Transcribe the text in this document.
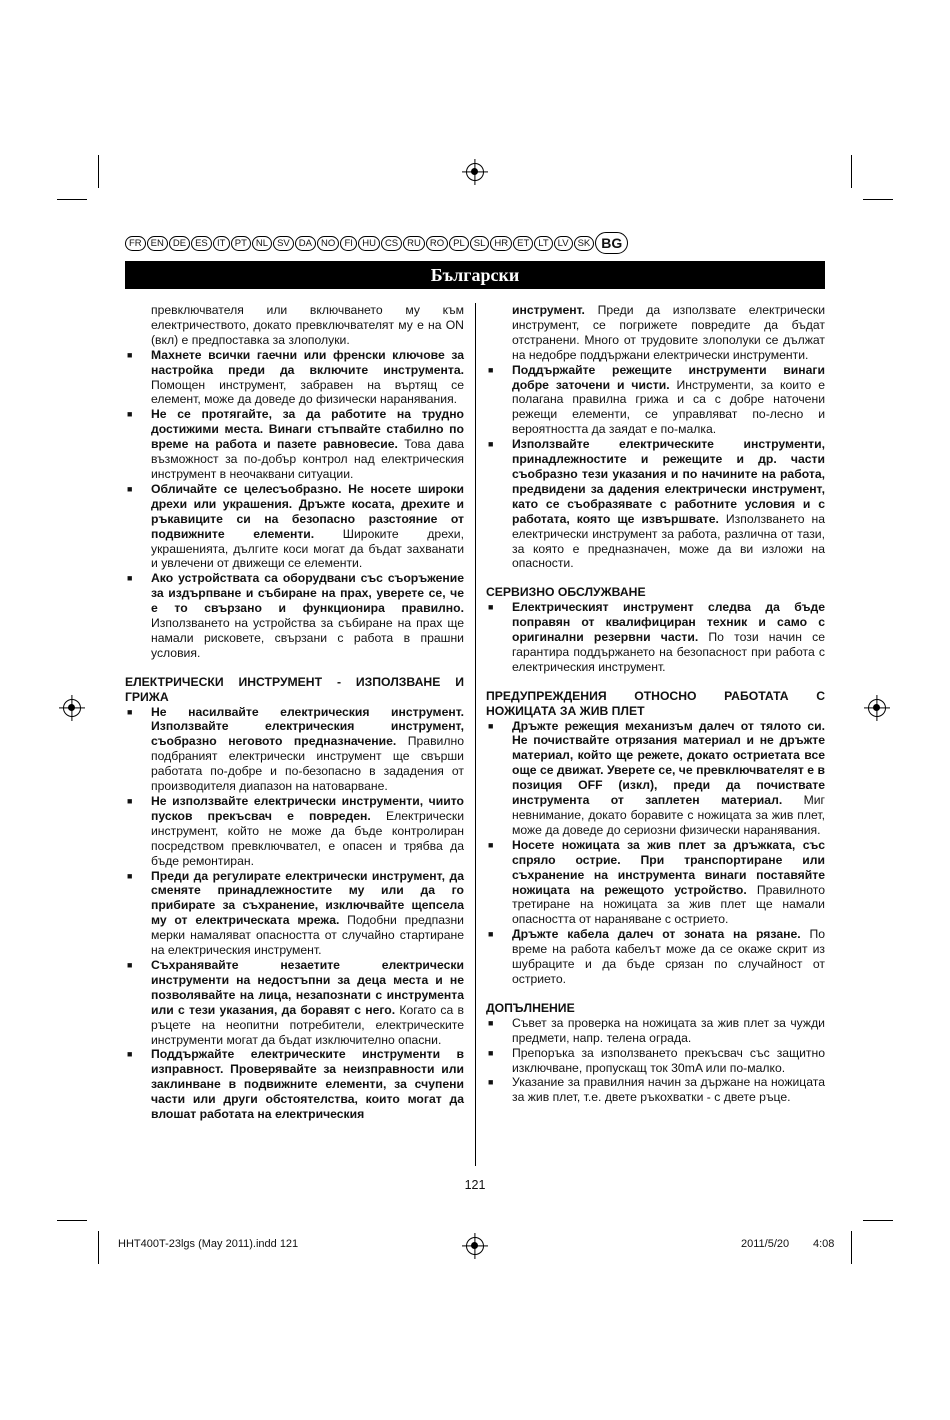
FR EN DE ES IT PT NL SV DA NO FI HU CS RU RO PL SL HR ET LT LV SK BG
Български

превключвателя или включването му към електричеството, докато превключвателят му е на ON (вкл) е предпоставка за злополуки.

■ Махнете всички гаечни или френски ключове за настройка преди да включите инструмента. Помощен инструмент, забравен на въртящ се елемент, може да доведе до физически наранявания.

■ Не се протягайте, за да работите на трудно достижими места. Винаги стъпвайте стабилно по време на работа и пазете равновесие. Това дава възможност за по-добър контрол над електрическия инструмент в неочаквани ситуации.

■ Обличайте се целесъобразно. Не носете широки дрехи или украшения. Дръжте косата, дрехите и ръкавиците си на безопасно разстояние от подвижните елементи. Широките дрехи, украшенията, дългите коси могат да бъдат захванати и увлечени от движещи се елементи.

■ Ако устройствата са оборудвани със съоръжение за издърпване и събиране на прах, уверете се, че е то свързано и функционира правилно. Използването на устройства за събиране на прах ще намали рисковете, свързани с работа в прашни условия.

ЕЛЕКТРИЧЕСКИ ИНСТРУМЕНТ - ИЗПОЛЗВАНЕ И ГРИЖА

■ Не насилвайте електрическия инструмент. Използвайте електрическия инструмент, съобразно неговото предназначение. Правилно подбраният електрически инструмент ще свърши работата по-добре и по-безопасно в зададения от производителя диапазон на натоварване.

■ Не използвайте електрически инструменти, чиито пусков прекъсвач е повреден. Електрически инструмент, който не може да бъде контролиран посредством превключвател, е опасен и трябва да бъде ремонтиран.

■ Преди да регулирате електрически инструмент, да сменяте принадлежностите му или да го прибирате за съхранение, изключвайте щепсела му от електрическата мрежа. Подобни предпазни мерки намаляват опасността от случайно стартиране на електрическия инструмент.

■ Съхранявайте незаетите електрически инструменти на недостъпни за деца места и не позволявайте на лица, незапознати с инструмента или с тези указания, да боравят с него. Когато са в ръцете на неопитни потребители, електрическите инструменти могат да бъдат изключително опасни.

■ Поддържайте електрическите инструменти в изправност. Проверявайте за неизправности или заклинване в подвижните елементи, за счупени части или други обстоятелства, които могат да влошат работата на електрическия

инструмент. Преди да използвате електрически инструмент, се погрижете повредите да бъдат отстранени. Много от трудовите злополуки се дължат на недобре поддържани електрически инструменти.

■ Поддържайте режещите инструменти винаги добре заточени и чисти. Инструменти, за които е полагана правилна грижа и са с добре наточени режещи елементи, се управляват по-лесно и вероятността да заядат е по-малка.

■ Използвайте електрическите инструменти, принадлежностите и режещите и др. части съобразно тези указания и по начините на работа, предвидени за дадения електрически инструмент, като се съобразявате с работните условия и с работата, която ще извършвате. Използването на електрически инструмент за работа, различна от тази, за която е предназначен, може да ви изложи на опасности.

СЕРВИЗНО ОБСЛУЖВАНЕ

■ Електрическият инструмент следва да бъде поправян от квалифициран техник и само с оригинални резервни части. По този начин се гарантира поддържането на безопасност при работа с електрическия инструмент.

ПРЕДУПРЕЖДЕНИЯ ОТНОСНО РАБОТАТА С НОЖИЦАТА ЗА ЖИВ ПЛЕТ

■ Дръжте режещия механизъм далеч от тялото си. Не почиствайте отрязания материал и не дръжте материал, който ще режете, докато остриетата все още се движат. Уверете се, че превключвателят е в позиция OFF (изкл), преди да почиствате инструмента от заплетен материал. Миг невнимание, докато боравите с ножицата за жив плет, може да доведе до сериозни физически наранявания.

■ Носете ножицата за жив плет за дръжката, със спряло острие. При транспортиране или съхранение на инструмента винаги поставяйте ножицата на режещото устройство. Правилното третиране на ножицата за жив плет ще намали опасността от нараняване с острието.

■ Дръжте кабела далеч от зоната на рязане. По време на работа кабелът може да се окаже скрит из шубраците и да бъде срязан по случайност от острието.

ДОПЪЛНЕНИЕ

■ Съвет за проверка на ножицата за жив плет за чужди предмети, напр. телена ограда.

■ Препоръка за използването прекъсвач със защитно изключване, пропускащ ток 30mA или по-малко.

■ Указание за правилния начин за държане на ножицата за жив плет, т.е. двете ръкохватки - с двете ръце.

121
HHT400T-23lgs (May 2011).indd 121	2011/5/20 4:08
